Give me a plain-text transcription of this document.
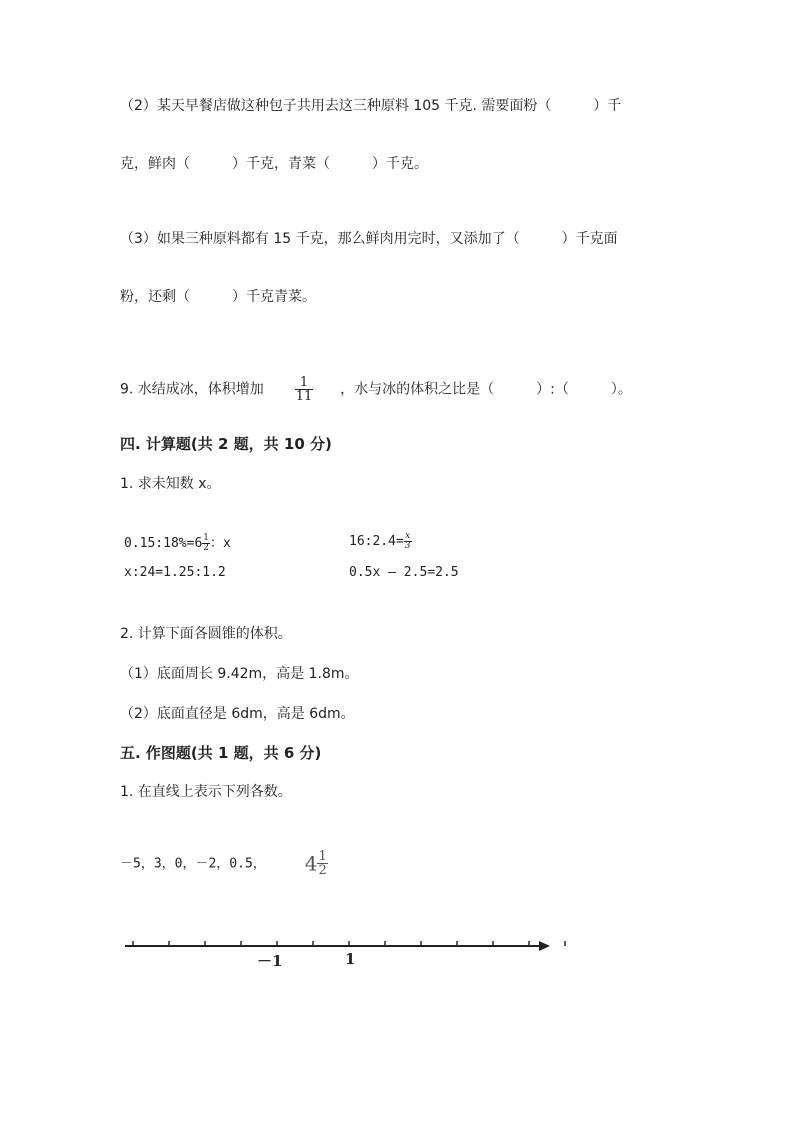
（2）某天早餐店做这种包子共用去这三种原料 105 千克. 需要面粉（　　　）千
克，鲜肉（　　　）千克，青菜（　　　）千克。
（3）如果三种原料都有 15 千克，那么鲜肉用完时，又添加了（　　　）千克面
粉，还剩（　　　）千克青菜。
9. 水结成冰，体积增加 $\frac{1}{11}$ ，水与冰的体积之比是（　　　）:（　　　）。
四. 计算题(共 2 题，共 10 分)
1. 求未知数 x。
0.15:18%=6 $\frac{1}{2}$ ：x	16:2.4= $\frac{x}{3}$
x:24=1.25:1.2	0.5x – 2.5=2.5
2. 计算下面各圆锥的体积。
（1）底面周长 9.42m，高是 1.8m。
（2）底面直径是 6dm，高是 6dm。
五. 作图题(共 1 题，共 6 分)
1. 在直线上表示下列各数。
－5，3，0，－2，0.5， $4 \frac{1}{2}$
－1	1
